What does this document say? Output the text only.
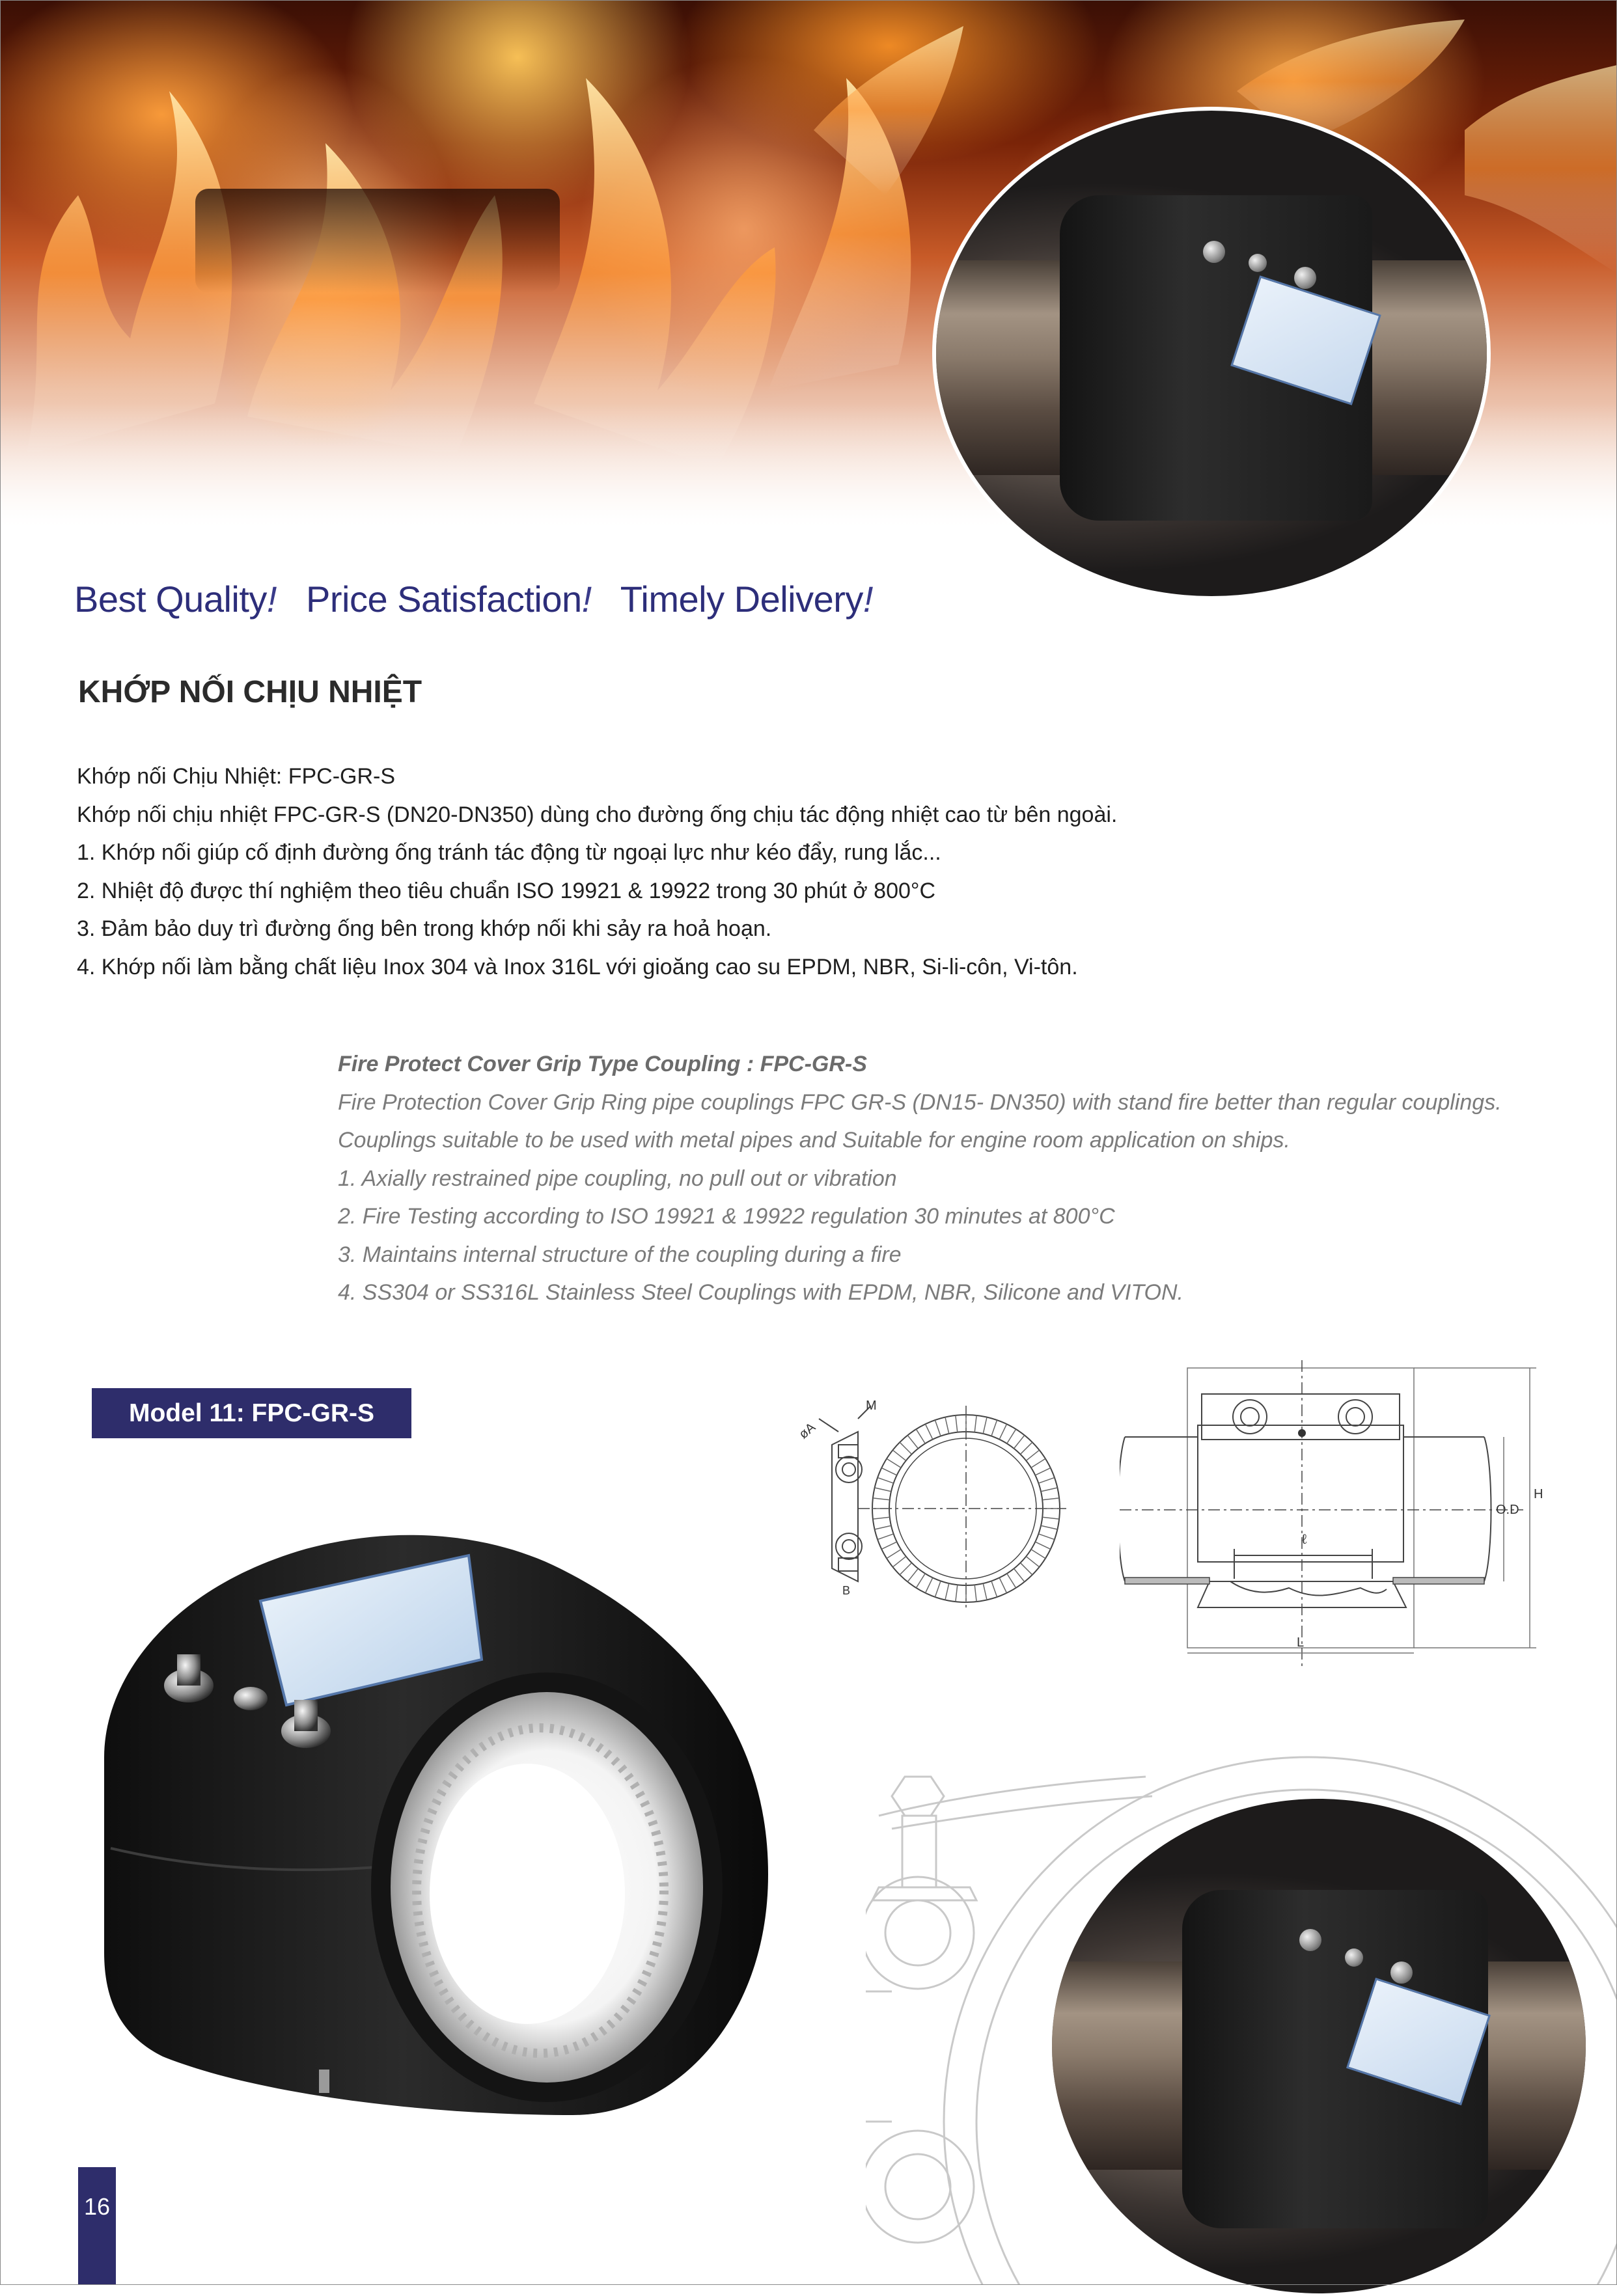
Best Quality! Price Satisfaction! Timely Delivery!
KHỚP NỐI CHỊU NHIỆT
Khớp nối Chịu Nhiệt: FPC-GR-S
Khớp nối chịu nhiệt FPC-GR-S (DN20-DN350) dùng cho đường ống chịu tác động nhiệt cao từ bên ngoài.
1. Khớp nối giúp cố định đường ống tránh tác động từ ngoại lực như kéo đẩy, rung lắc...
2. Nhiệt độ được thí nghiệm theo tiêu chuẩn ISO 19921 & 19922 trong 30 phút ở 800°C
3. Đảm bảo duy trì đường ống bên trong khớp nối khi sảy ra hoả hoạn.
4. Khớp nối làm bằng chất liệu Inox 304 và Inox 316L với gioăng cao su EPDM, NBR, Si-li-côn, Vi-tôn.
Fire Protect Cover Grip Type Coupling : FPC-GR-S
Fire Protection Cover Grip Ring pipe couplings FPC GR-S (DN15- DN350) with stand fire better than regular couplings.
Couplings suitable to be used with metal pipes and Suitable for engine room application on ships.
1. Axially restrained pipe coupling, no pull out or vibration
2. Fire Testing according to ISO 19921 & 19922 regulation 30 minutes at 800°C
3. Maintains internal structure of the coupling during a fire
4. SS304 or SS316L Stainless Steel Couplings with EPDM, NBR, Silicone and VITON.
Model 11: FPC-GR-S	M
øA
B
ℓ
O.D
H
L
16
